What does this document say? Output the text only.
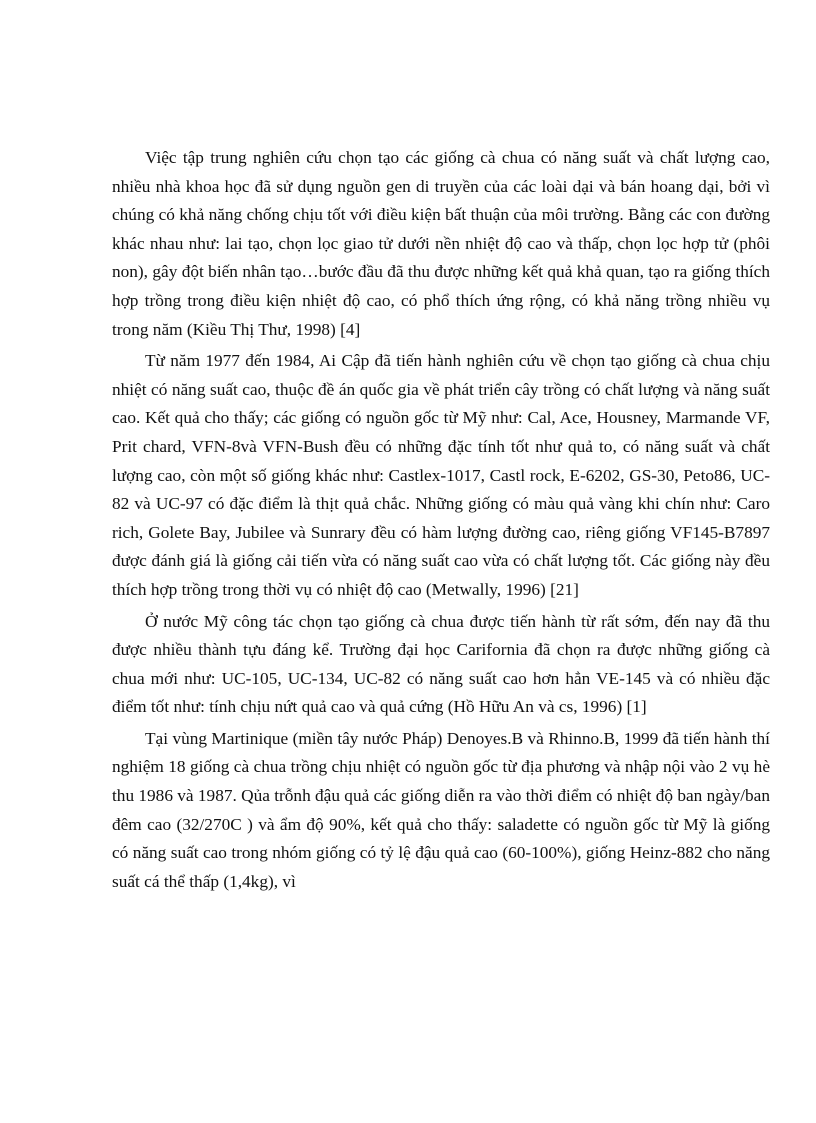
Việc tập trung nghiên cứu chọn tạo các giống cà chua có năng suất và chất lượng cao, nhiều nhà khoa học đã sử dụng nguồn gen di truyền của các loài dại và bán hoang dại, bởi vì chúng có khả năng chống chịu tốt với điều kiện bất thuận của môi trường. Bằng các con đường khác nhau như: lai tạo, chọn lọc giao tử dưới nền nhiệt độ cao và thấp, chọn lọc hợp tử (phôi non), gây đột biến nhân tạo…bước đầu đã thu được những kết quả khả quan, tạo ra giống thích hợp trồng trong điều kiện nhiệt độ cao, có phổ thích ứng rộng, có khả năng trồng nhiều vụ trong năm (Kiều Thị Thư, 1998) [4]

Từ năm 1977 đến 1984, Ai Cập đã tiến hành nghiên cứu về chọn tạo giống cà chua chịu nhiệt có năng suất cao, thuộc đề án quốc gia về phát triển cây trồng có chất lượng và năng suất cao. Kết quả cho thấy; các giống có nguồn gốc từ Mỹ như: Cal, Ace, Housney, Marmande VF, Prit chard, VFN-8và VFN-Bush đều có những đặc tính tốt như quả to, có năng suất và chất lượng cao, còn một số giống khác như: Castlex-1017, Castl rock, E-6202, GS-30, Peto86, UC-82 và UC-97 có đặc điểm là thịt quả chắc. Những giống có màu quả vàng khi chín như: Caro rich, Golete Bay, Jubilee và Sunrary đều có hàm lượng đường cao, riêng giống VF145-B7897 được đánh giá là giống cải tiến vừa có năng suất cao vừa có chất lượng tốt. Các giống này đều thích hợp trồng trong thời vụ có nhiệt độ cao (Metwally, 1996) [21]

Ở nước Mỹ công tác chọn tạo giống cà chua được tiến hành từ rất sớm, đến nay đã thu được nhiều thành tựu đáng kể. Trường đại học Carifornia đã chọn ra được những giống cà chua mới như: UC-105, UC-134, UC-82 có năng suất cao hơn hẳn VE-145 và có nhiều đặc điểm tốt như: tính chịu nứt quả cao và quả cứng (Hồ Hữu An và cs, 1996) [1]

Tại vùng Martinique (miền tây nước Pháp) Denoyes.B và Rhinno.B, 1999 đã tiến hành thí nghiệm 18 giống cà chua trồng chịu nhiệt có nguồn gốc từ địa phương và nhập nội vào 2 vụ hè thu 1986 và 1987. Qủa trỗnh đậu quả các giống diễn ra vào thời điểm có nhiệt độ ban ngày/ban đêm cao (32/270C ) và ẩm độ 90%, kết quả cho thấy: saladette có nguồn gốc từ Mỹ là giống có năng suất cao trong nhóm giống có tỷ lệ đậu quả cao (60-100%), giống Heinz-882 cho năng suất cá thể thấp (1,4kg), vì
